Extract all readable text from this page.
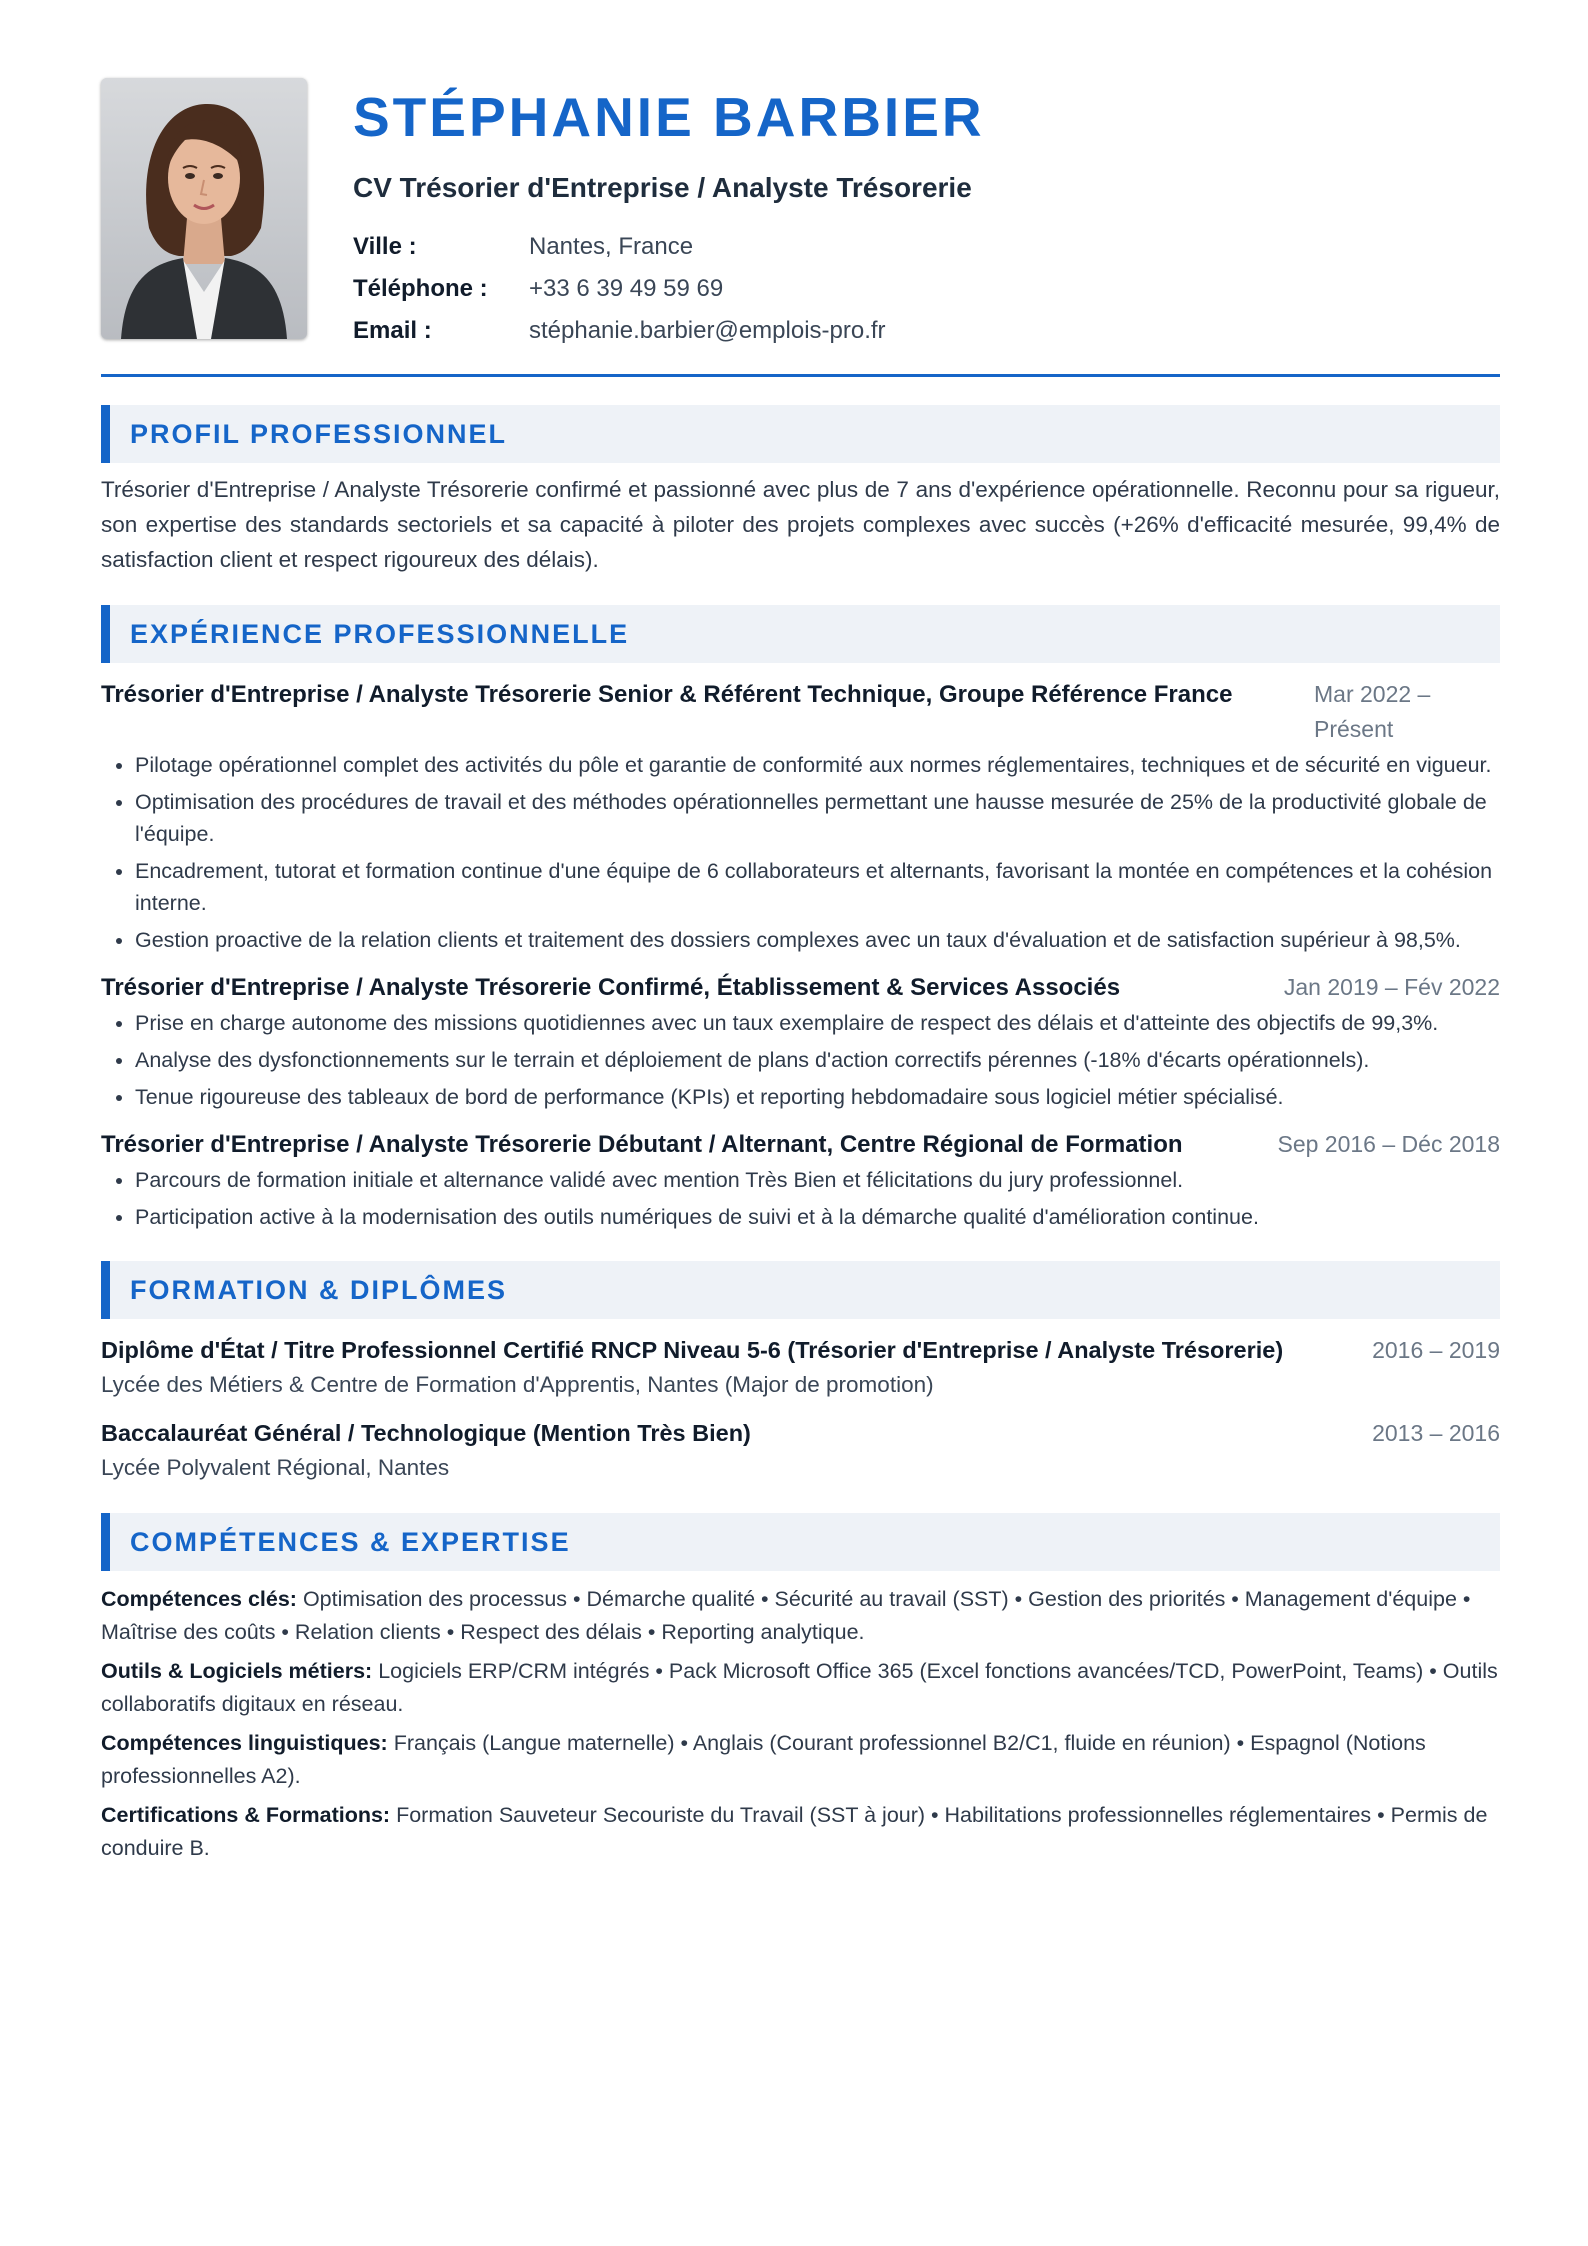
STÉPHANIE BARBIER
CV Trésorier d'Entreprise / Analyste Trésorerie
Ville :	Nantes, France
Téléphone :	+33 6 39 49 59 69
Email :	stéphanie.barbier@emplois-pro.fr
PROFIL PROFESSIONNEL
Trésorier d'Entreprise / Analyste Trésorerie confirmé et passionné avec plus de 7 ans d'expérience opérationnelle. Reconnu pour sa rigueur, son expertise des standards sectoriels et sa capacité à piloter des projets complexes avec succès (+26% d'efficacité mesurée, 99,4% de satisfaction client et respect rigoureux des délais).
EXPÉRIENCE PROFESSIONNELLE
Trésorier d'Entreprise / Analyste Trésorerie Senior & Référent Technique, Groupe Référence France	Mar 2022 – Présent
• Pilotage opérationnel complet des activités du pôle et garantie de conformité aux normes réglementaires, techniques et de sécurité en vigueur.
• Optimisation des procédures de travail et des méthodes opérationnelles permettant une hausse mesurée de 25% de la productivité globale de l'équipe.
• Encadrement, tutorat et formation continue d'une équipe de 6 collaborateurs et alternants, favorisant la montée en compétences et la cohésion interne.
• Gestion proactive de la relation clients et traitement des dossiers complexes avec un taux d'évaluation et de satisfaction supérieur à 98,5%.
Trésorier d'Entreprise / Analyste Trésorerie Confirmé, Établissement & Services Associés	Jan 2019 – Fév 2022
• Prise en charge autonome des missions quotidiennes avec un taux exemplaire de respect des délais et d'atteinte des objectifs de 99,3%.
• Analyse des dysfonctionnements sur le terrain et déploiement de plans d'action correctifs pérennes (-18% d'écarts opérationnels).
• Tenue rigoureuse des tableaux de bord de performance (KPIs) et reporting hebdomadaire sous logiciel métier spécialisé.
Trésorier d'Entreprise / Analyste Trésorerie Débutant / Alternant, Centre Régional de Formation	Sep 2016 – Déc 2018
• Parcours de formation initiale et alternance validé avec mention Très Bien et félicitations du jury professionnel.
• Participation active à la modernisation des outils numériques de suivi et à la démarche qualité d'amélioration continue.
FORMATION & DIPLÔMES
Diplôme d'État / Titre Professionnel Certifié RNCP Niveau 5-6 (Trésorier d'Entreprise / Analyste Trésorerie)	2016 – 2019
Lycée des Métiers & Centre de Formation d'Apprentis, Nantes (Major de promotion)
Baccalauréat Général / Technologique (Mention Très Bien)	2013 – 2016
Lycée Polyvalent Régional, Nantes
COMPÉTENCES & EXPERTISE
Compétences clés: Optimisation des processus • Démarche qualité • Sécurité au travail (SST) • Gestion des priorités • Management d'équipe • Maîtrise des coûts • Relation clients • Respect des délais • Reporting analytique.
Outils & Logiciels métiers: Logiciels ERP/CRM intégrés • Pack Microsoft Office 365 (Excel fonctions avancées/TCD, PowerPoint, Teams) • Outils collaboratifs digitaux en réseau.
Compétences linguistiques: Français (Langue maternelle) • Anglais (Courant professionnel B2/C1, fluide en réunion) • Espagnol (Notions professionnelles A2).
Certifications & Formations: Formation Sauveteur Secouriste du Travail (SST à jour) • Habilitations professionnelles réglementaires • Permis de conduire B.
